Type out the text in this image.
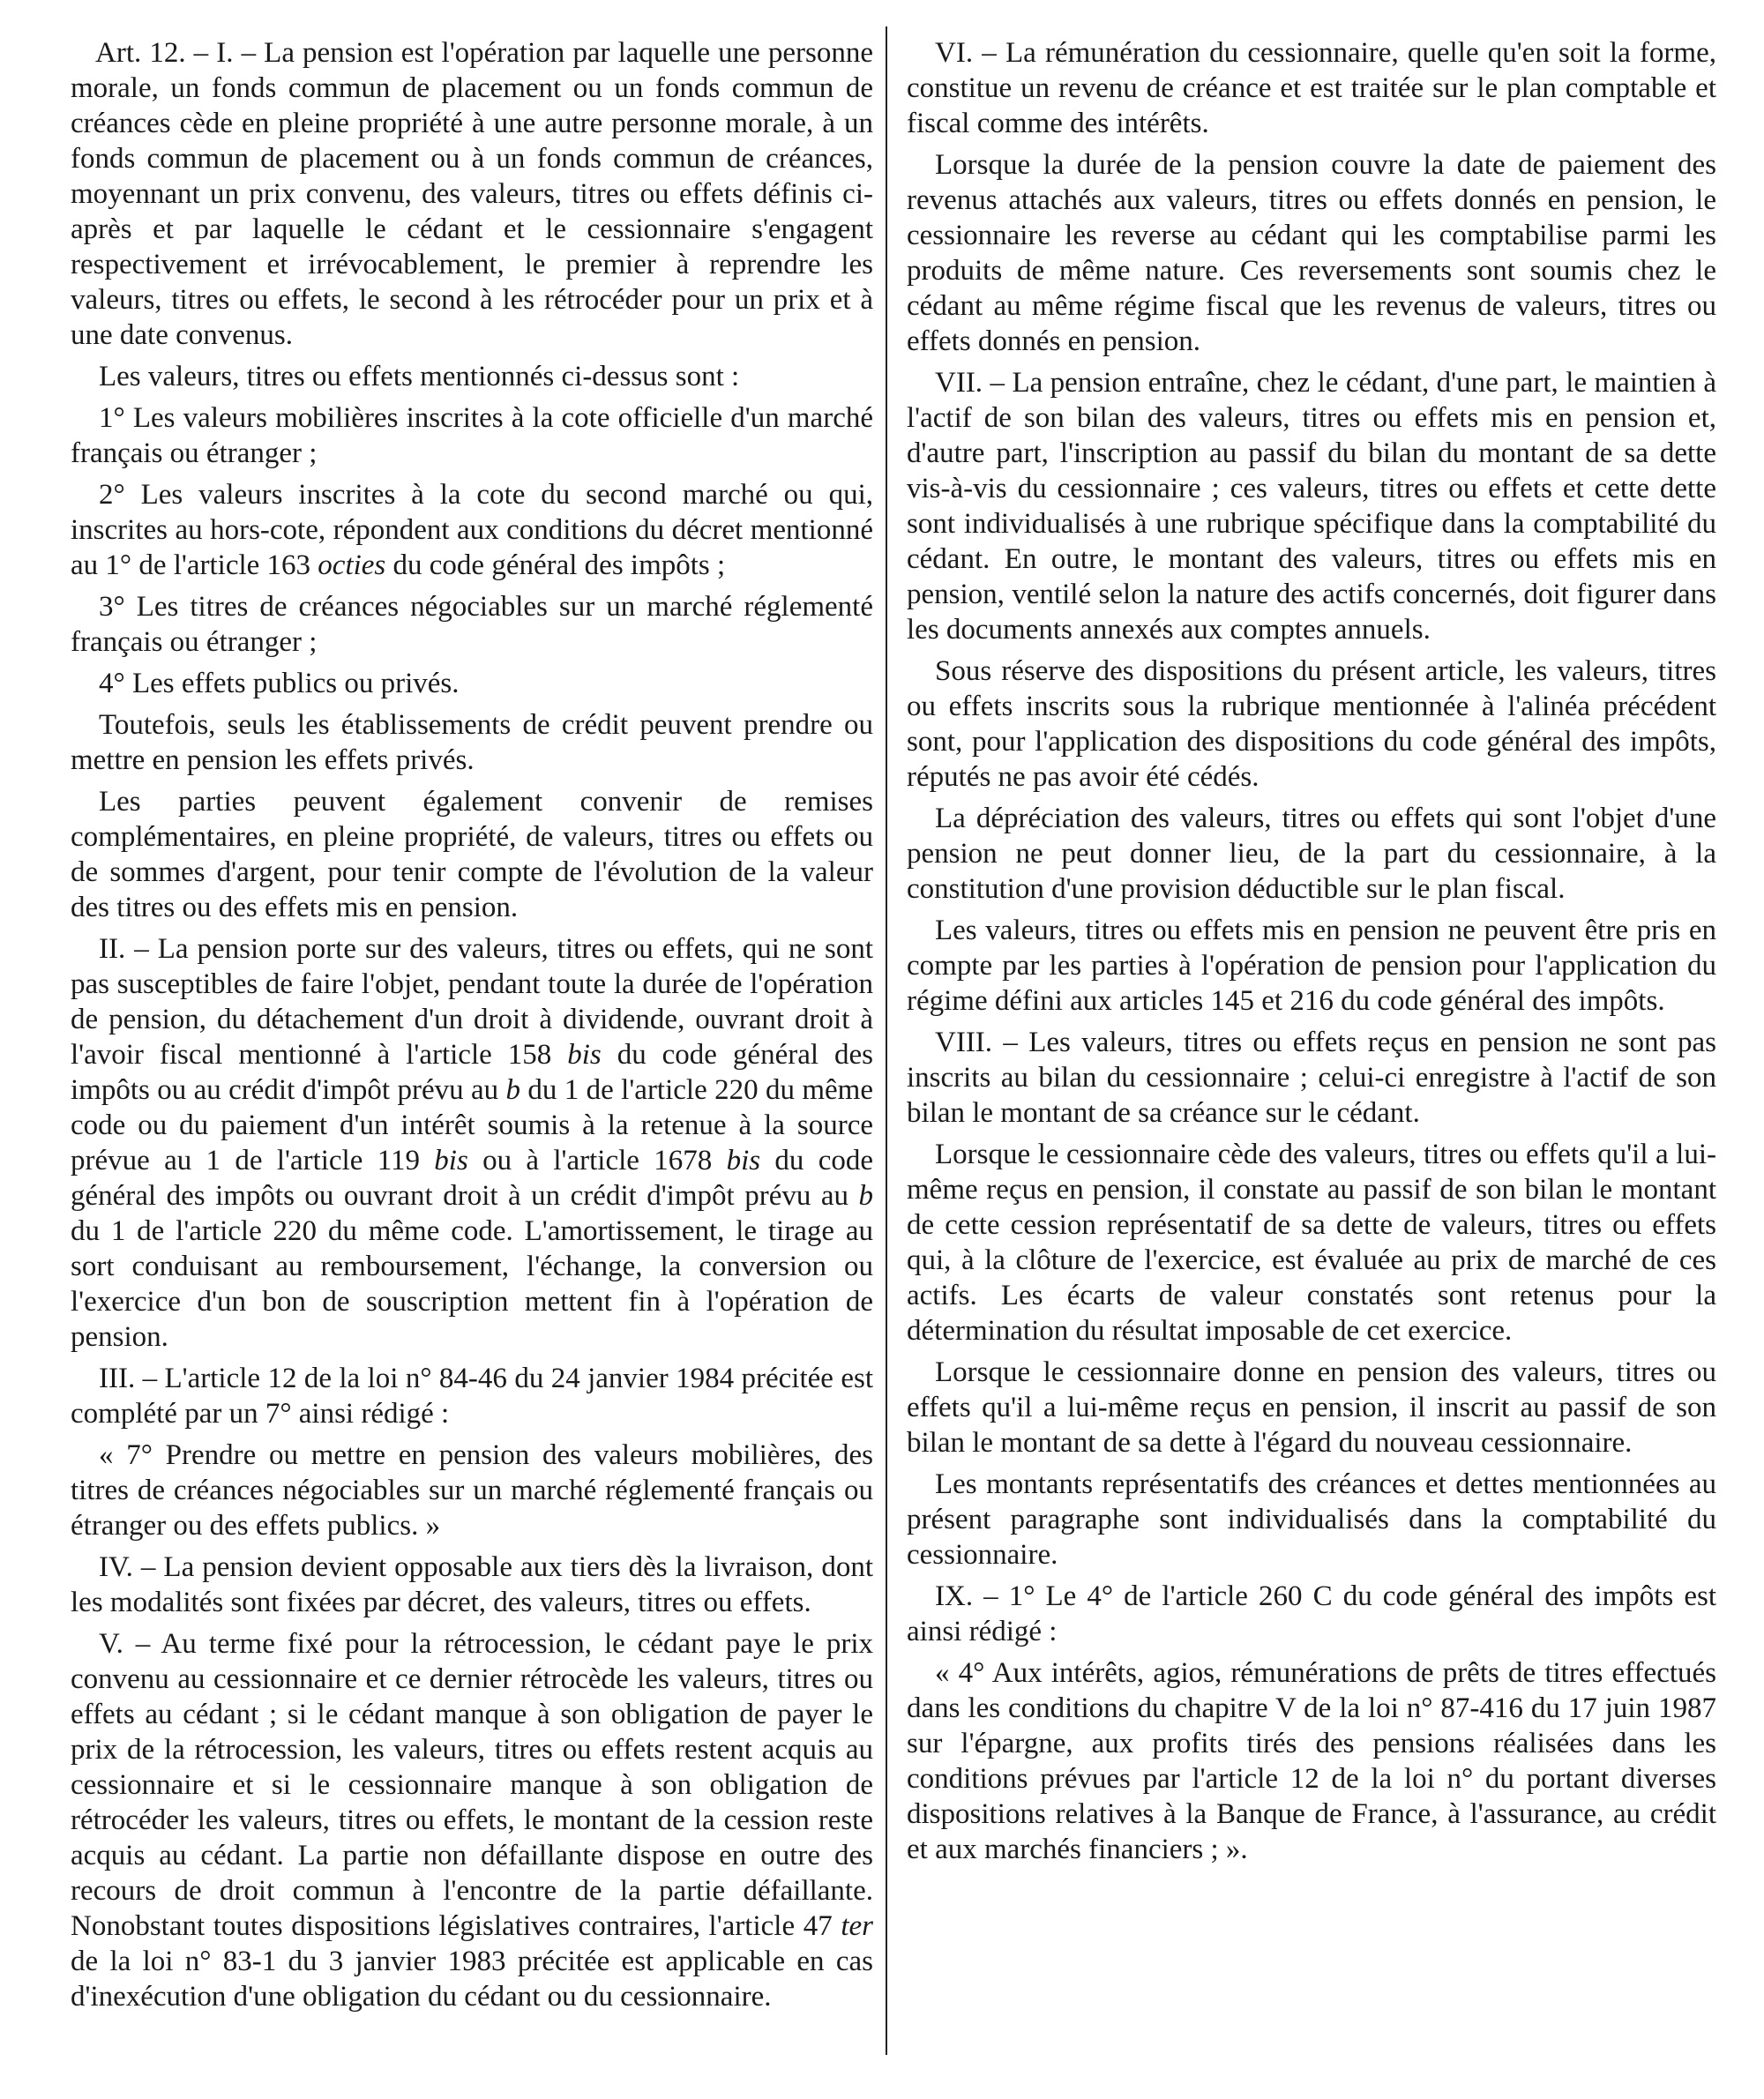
Art. 12. – I. – La pension est l'opération par laquelle une personne morale, un fonds commun de placement ou un fonds commun de créances cède en pleine propriété à une autre personne morale, à un fonds commun de placement ou à un fonds commun de créances, moyennant un prix convenu, des valeurs, titres ou effets définis ci-après et par laquelle le cédant et le cessionnaire s'engagent respectivement et irrévocablement, le premier à reprendre les valeurs, titres ou effets, le second à les rétrocéder pour un prix et à une date convenus.

Les valeurs, titres ou effets mentionnés ci-dessus sont :

1° Les valeurs mobilières inscrites à la cote officielle d'un marché français ou étranger ;

2° Les valeurs inscrites à la cote du second marché ou qui, inscrites au hors-cote, répondent aux conditions du décret mentionné au 1° de l'article 163 octies du code général des impôts ;

3° Les titres de créances négociables sur un marché réglementé français ou étranger ;

4° Les effets publics ou privés.

Toutefois, seuls les établissements de crédit peuvent prendre ou mettre en pension les effets privés.

Les parties peuvent également convenir de remises complémentaires, en pleine propriété, de valeurs, titres ou effets ou de sommes d'argent, pour tenir compte de l'évolution de la valeur des titres ou des effets mis en pension.

II. – La pension porte sur des valeurs, titres ou effets, qui ne sont pas susceptibles de faire l'objet, pendant toute la durée de l'opération de pension, du détachement d'un droit à dividende, ouvrant droit à l'avoir fiscal mentionné à l'article 158 bis du code général des impôts ou au crédit d'impôt prévu au b du 1 de l'article 220 du même code ou du paiement d'un intérêt soumis à la retenue à la source prévue au 1 de l'article 119 bis ou à l'article 1678 bis du code général des impôts ou ouvrant droit à un crédit d'impôt prévu au b du 1 de l'article 220 du même code. L'amortissement, le tirage au sort conduisant au remboursement, l'échange, la conversion ou l'exercice d'un bon de souscription mettent fin à l'opération de pension.

III. – L'article 12 de la loi n° 84-46 du 24 janvier 1984 précitée est complété par un 7° ainsi rédigé :

« 7° Prendre ou mettre en pension des valeurs mobilières, des titres de créances négociables sur un marché réglementé français ou étranger ou des effets publics. »

IV. – La pension devient opposable aux tiers dès la livraison, dont les modalités sont fixées par décret, des valeurs, titres ou effets.

V. – Au terme fixé pour la rétrocession, le cédant paye le prix convenu au cessionnaire et ce dernier rétrocède les valeurs, titres ou effets au cédant ; si le cédant manque à son obligation de payer le prix de la rétrocession, les valeurs, titres ou effets restent acquis au cessionnaire et si le cessionnaire manque à son obligation de rétrocéder les valeurs, titres ou effets, le montant de la cession reste acquis au cédant. La partie non défaillante dispose en outre des recours de droit commun à l'encontre de la partie défaillante. Nonobstant toutes dispositions législatives contraires, l'article 47 ter de la loi n° 83-1 du 3 janvier 1983 précitée est applicable en cas d'inexécution d'une obligation du cédant ou du cessionnaire.

VI. – La rémunération du cessionnaire, quelle qu'en soit la forme, constitue un revenu de créance et est traitée sur le plan comptable et fiscal comme des intérêts.

Lorsque la durée de la pension couvre la date de paiement des revenus attachés aux valeurs, titres ou effets donnés en pension, le cessionnaire les reverse au cédant qui les comptabilise parmi les produits de même nature. Ces reversements sont soumis chez le cédant au même régime fiscal que les revenus de valeurs, titres ou effets donnés en pension.

VII. – La pension entraîne, chez le cédant, d'une part, le maintien à l'actif de son bilan des valeurs, titres ou effets mis en pension et, d'autre part, l'inscription au passif du bilan du montant de sa dette vis-à-vis du cessionnaire ; ces valeurs, titres ou effets et cette dette sont individualisés à une rubrique spécifique dans la comptabilité du cédant. En outre, le montant des valeurs, titres ou effets mis en pension, ventilé selon la nature des actifs concernés, doit figurer dans les documents annexés aux comptes annuels.

Sous réserve des dispositions du présent article, les valeurs, titres ou effets inscrits sous la rubrique mentionnée à l'alinéa précédent sont, pour l'application des dispositions du code général des impôts, réputés ne pas avoir été cédés.

La dépréciation des valeurs, titres ou effets qui sont l'objet d'une pension ne peut donner lieu, de la part du cessionnaire, à la constitution d'une provision déductible sur le plan fiscal.

Les valeurs, titres ou effets mis en pension ne peuvent être pris en compte par les parties à l'opération de pension pour l'application du régime défini aux articles 145 et 216 du code général des impôts.

VIII. – Les valeurs, titres ou effets reçus en pension ne sont pas inscrits au bilan du cessionnaire ; celui-ci enregistre à l'actif de son bilan le montant de sa créance sur le cédant.

Lorsque le cessionnaire cède des valeurs, titres ou effets qu'il a lui-même reçus en pension, il constate au passif de son bilan le montant de cette cession représentatif de sa dette de valeurs, titres ou effets qui, à la clôture de l'exercice, est évaluée au prix de marché de ces actifs. Les écarts de valeur constatés sont retenus pour la détermination du résultat imposable de cet exercice.

Lorsque le cessionnaire donne en pension des valeurs, titres ou effets qu'il a lui-même reçus en pension, il inscrit au passif de son bilan le montant de sa dette à l'égard du nouveau cessionnaire.

Les montants représentatifs des créances et dettes mentionnées au présent paragraphe sont individualisés dans la comptabilité du cessionnaire.

IX. – 1° Le 4° de l'article 260 C du code général des impôts est ainsi rédigé :

« 4° Aux intérêts, agios, rémunérations de prêts de titres effectués dans les conditions du chapitre V de la loi n° 87-416 du 17 juin 1987 sur l'épargne, aux profits tirés des pensions réalisées dans les conditions prévues par l'article 12 de la loi n° du portant diverses dispositions relatives à la Banque de France, à l'assurance, au crédit et aux marchés financiers ; ».
